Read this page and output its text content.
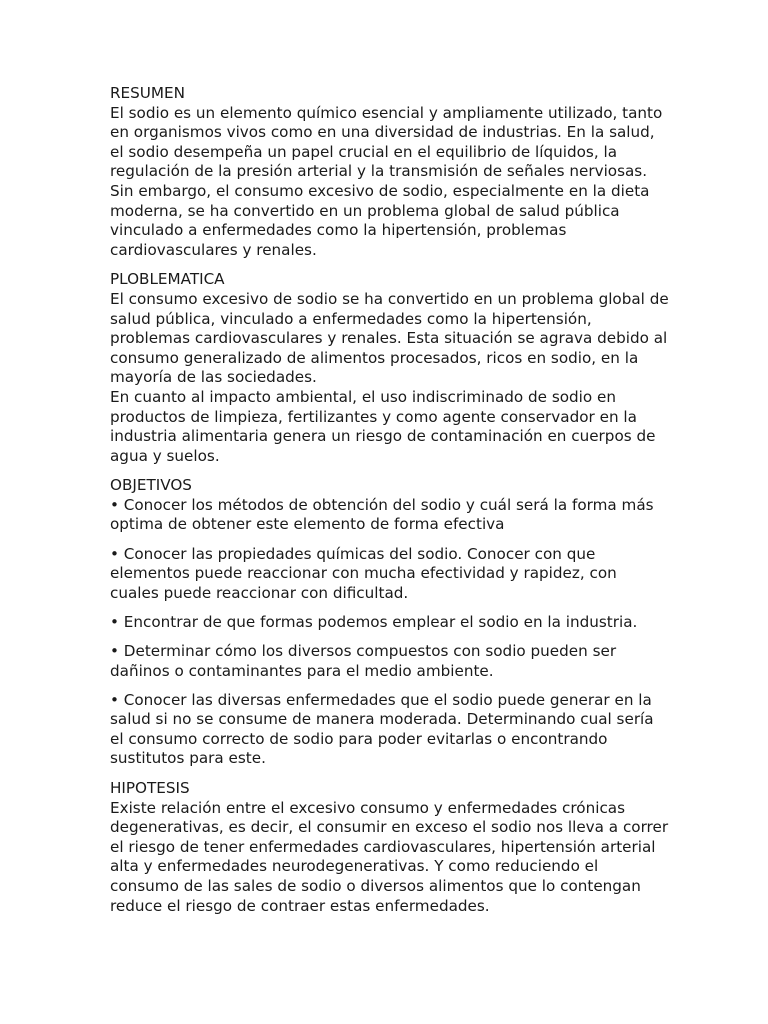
RESUMEN
El sodio es un elemento químico esencial y ampliamente utilizado, tanto en organismos vivos como en una diversidad de industrias. En la salud, el sodio desempeña un papel crucial en el equilibrio de líquidos, la regulación de la presión arterial y la transmisión de señales nerviosas. Sin embargo, el consumo excesivo de sodio, especialmente en la dieta moderna, se ha convertido en un problema global de salud pública vinculado a enfermedades como la hipertensión, problemas cardiovasculares y renales.
PLOBLEMATICA
El consumo excesivo de sodio se ha convertido en un problema global de salud pública, vinculado a enfermedades como la hipertensión, problemas cardiovasculares y renales. Esta situación se agrava debido al consumo generalizado de alimentos procesados, ricos en sodio, en la mayoría de las sociedades.
En cuanto al impacto ambiental, el uso indiscriminado de sodio en productos de limpieza, fertilizantes y como agente conservador en la industria alimentaria genera un riesgo de contaminación en cuerpos de agua y suelos.
OBJETIVOS
• Conocer los métodos de obtención del sodio y cuál será la forma más optima de obtener este elemento de forma efectiva
• Conocer las propiedades químicas del sodio. Conocer con que elementos puede reaccionar con mucha efectividad y rapidez, con cuales puede reaccionar con dificultad.
• Encontrar de que formas podemos emplear el sodio en la industria.
• Determinar cómo los diversos compuestos con sodio pueden ser dañinos o contaminantes para el medio ambiente.
• Conocer las diversas enfermedades que el sodio puede generar en la salud si no se consume de manera moderada. Determinando cual sería el consumo correcto de sodio para poder evitarlas o encontrando sustitutos para este.
HIPOTESIS
Existe relación entre el excesivo consumo y enfermedades crónicas degenerativas, es decir, el consumir en exceso el sodio nos lleva a correr el riesgo de tener enfermedades cardiovasculares, hipertensión arterial alta y enfermedades neurodegenerativas. Y como reduciendo el consumo de las sales de sodio o diversos alimentos que lo contengan reduce el riesgo de contraer estas enfermedades.
